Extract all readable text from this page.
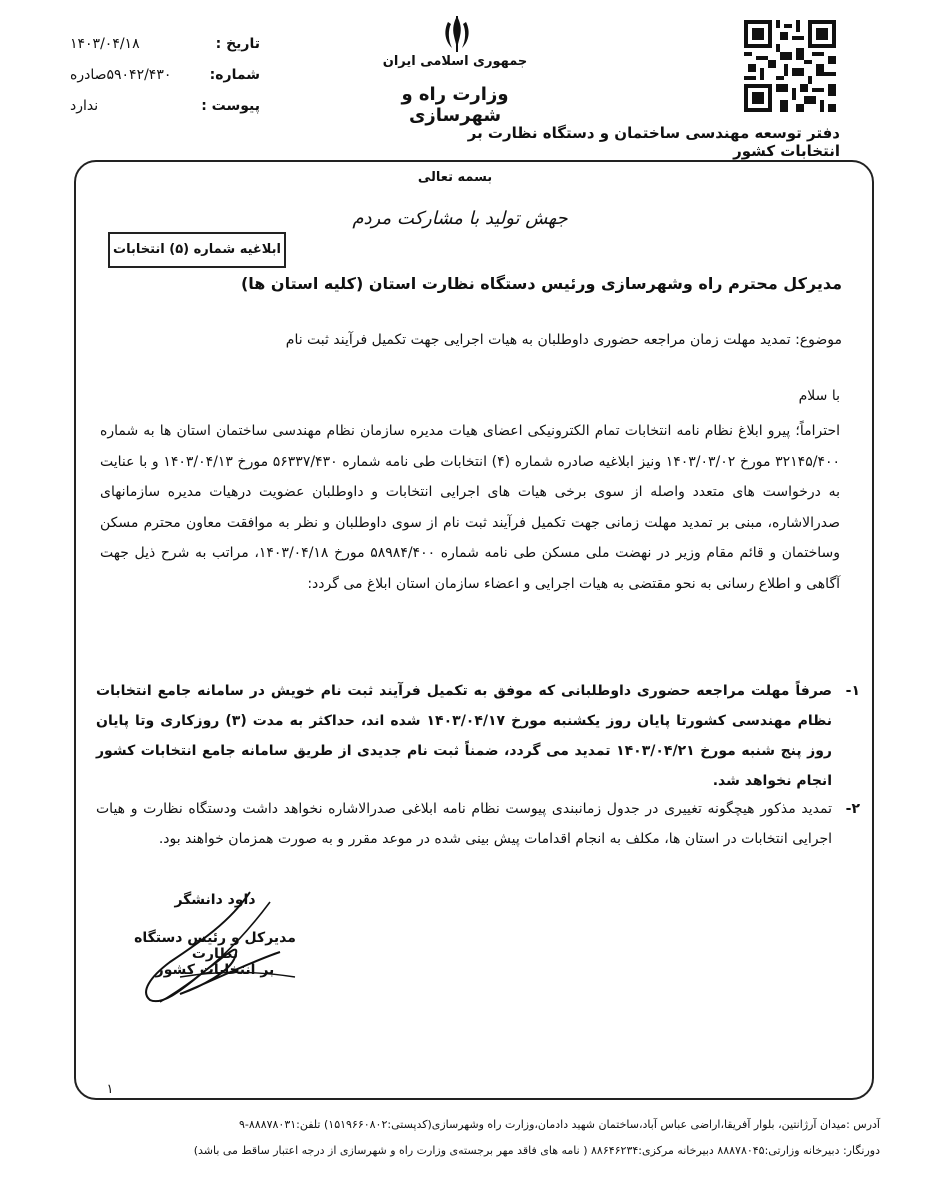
تاریخ :
۱۴۰۳/۰۴/۱۸
شماره:
۵۹۰۴۲/۴۳۰صادره
پیوست :
ندارد
جمهوری اسلامی ایران
وزارت راه و شهرسازی
دفتر توسعه مهندسی ساختمان و دستگاه نظارت بر انتخابات کشور
بسمه تعالی
جهش تولید با مشارکت مردم
ابلاغیه شماره (۵) انتخابات
مدیرکل محترم راه وشهرسازی ورئیس دستگاه نظارت استان (کلیه استان ها)
موضوع: تمدید مهلت زمان مراجعه حضوری داوطلبان به هیات اجرایی جهت تکمیل فرآیند ثبت نام
با سلام
احتراماً؛ پیرو ابلاغ نظام نامه انتخابات تمام الکترونیکی اعضای هیات مدیره سازمان نظام مهندسی ساختمان استان ها به شماره ۳۲۱۴۵/۴۰۰ مورخ ۱۴۰۳/۰۳/۰۲ ونیز ابلاغیه صادره شماره (۴) انتخابات طی نامه شماره ۵۶۳۳۷/۴۳۰ مورخ ۱۴۰۳/۰۴/۱۳ و با عنایت به درخواست های متعدد واصله از سوی برخی هیات های اجرایی انتخابات و داوطلبان عضویت درهیات مدیره سازمانهای صدرالاشاره، مبنی بر تمدید مهلت زمانی جهت تکمیل فرآیند ثبت نام از سوی داوطلبان و نظر به موافقت معاون محترم مسکن وساختمان و قائم مقام وزیر در نهضت ملی مسکن طی نامه شماره ۵۸۹۸۴/۴۰۰ مورخ ۱۴۰۳/۰۴/۱۸، مراتب به شرح ذیل جهت آگاهی و اطلاع رسانی به نحو مقتضی به هیات اجرایی و اعضاء سازمان استان ابلاغ می گردد:
۱-
صرفاً مهلت مراجعه حضوری داوطلبانی که موفق به تکمیل فرآیند ثبت نام خویش در سامانه جامع انتخابات نظام مهندسی کشورتا پایان روز یکشنبه مورخ ۱۴۰۳/۰۴/۱۷ شده اند، حداکثر به مدت (۳) روزکاری وتا پایان روز پنج شنبه مورخ ۱۴۰۳/۰۴/۲۱ تمدید می گردد، ضمناً ثبت نام جدیدی از طریق سامانه جامع انتخابات کشور انجام نخواهد شد.
۲-
تمدید مذکور هیچگونه تغییری در جدول زمانبندی پیوست نظام نامه ابلاغی صدرالاشاره نخواهد داشت ودستگاه نظارت و هیات اجرایی انتخابات در استان ها، مکلف به انجام اقدامات پیش بینی شده در موعد مقرر و به صورت همزمان خواهند بود.
داود دانشگر
مدیرکل و رئیس دستگاه نظارت
بر انتخابات کشور
۱
آدرس :میدان آرژانتین، بلوار آفریقا،اراضی عباس آباد،ساختمان شهید دادمان،وزارت راه وشهرسازی(کدپستی:۱۵۱۹۶۶۰۸۰۲) تلفن:۸۸۸۷۸۰۳۱-۹
دورنگار: دبیرخانه وزارتی:۸۸۸۷۸۰۴۵ دبیرخانه مرکزی:۸۸۶۴۶۲۳۴ ( نامه های فاقد مهر برجسته‌ی وزارت راه و شهرسازی از درجه اعتبار ساقط می باشد)
